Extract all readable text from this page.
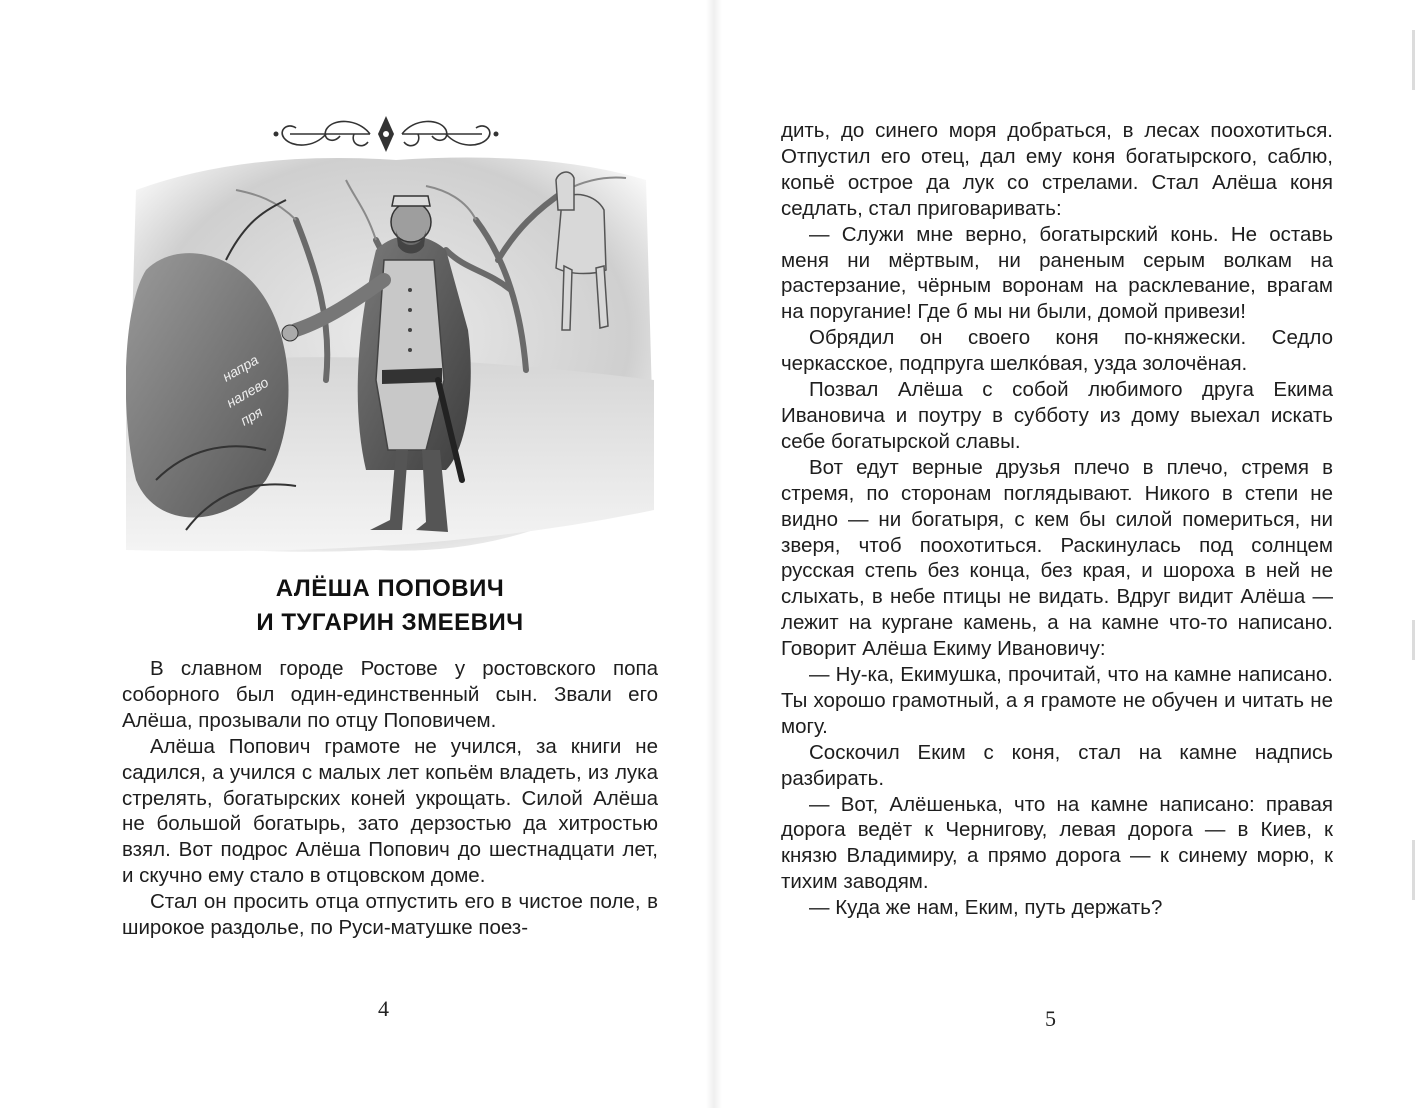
напра
налево
пря
АЛЁША ПОПОВИЧ
И ТУГАРИН ЗМЕЕВИЧ

В славном городе Ростове у ростовского попа соборного был один-единственный сын. Звали его Алёша, прозывали по отцу Поповичем.

Алёша Попович грамоте не учился, за книги не садился, а учился с малых лет копьём владеть, из лука стрелять, богатырских коней укрощать. Силой Алёша не большой богатырь, зато дерзостью да хитростью взял. Вот подрос Алёша Попович до шестнадцати лет, и скучно ему стало в отцовском доме.

Стал он просить отца отпустить его в чистое поле, в широкое раздолье, по Руси-матушке поез-

4

дить, до синего моря добраться, в лесах поохотиться. Отпустил его отец, дал ему коня богатырского, саблю, копьё острое да лук со стрелами. Стал Алёша коня седлать, стал приговаривать:

— Служи мне верно, богатырский конь. Не оставь меня ни мёртвым, ни раненым серым волкам на растерзание, чёрным воронам на расклевание, врагам на поругание! Где б мы ни были, домой привези!

Обрядил он своего коня по-княжески. Седло черкасское, подпруга шелко́вая, узда золочёная.

Позвал Алёша с собой любимого друга Екима Ивановича и поутру в субботу из дому выехал искать себе богатырской славы.

Вот едут верные друзья плечо в плечо, стремя в стремя, по сторонам поглядывают. Никого в степи не видно — ни богатыря, с кем бы силой помериться, ни зверя, чтоб поохотиться. Раскинулась под солнцем русская степь без конца, без края, и шороха в ней не слыхать, в небе птицы не видать. Вдруг видит Алёша — лежит на кургане камень, а на камне что-то написано. Говорит Алёша Екиму Ивановичу:

— Ну-ка, Екимушка, прочитай, что на камне написано. Ты хорошо грамотный, а я грамоте не обучен и читать не могу.

Соскочил Еким с коня, стал на камне надпись разбирать.

— Вот, Алёшенька, что на камне написано: правая дорога ведёт к Чернигову, левая дорога — в Киев, к князю Владимиру, а прямо дорога — к синему морю, к тихим заводям.

— Куда же нам, Еким, путь держать?

5
